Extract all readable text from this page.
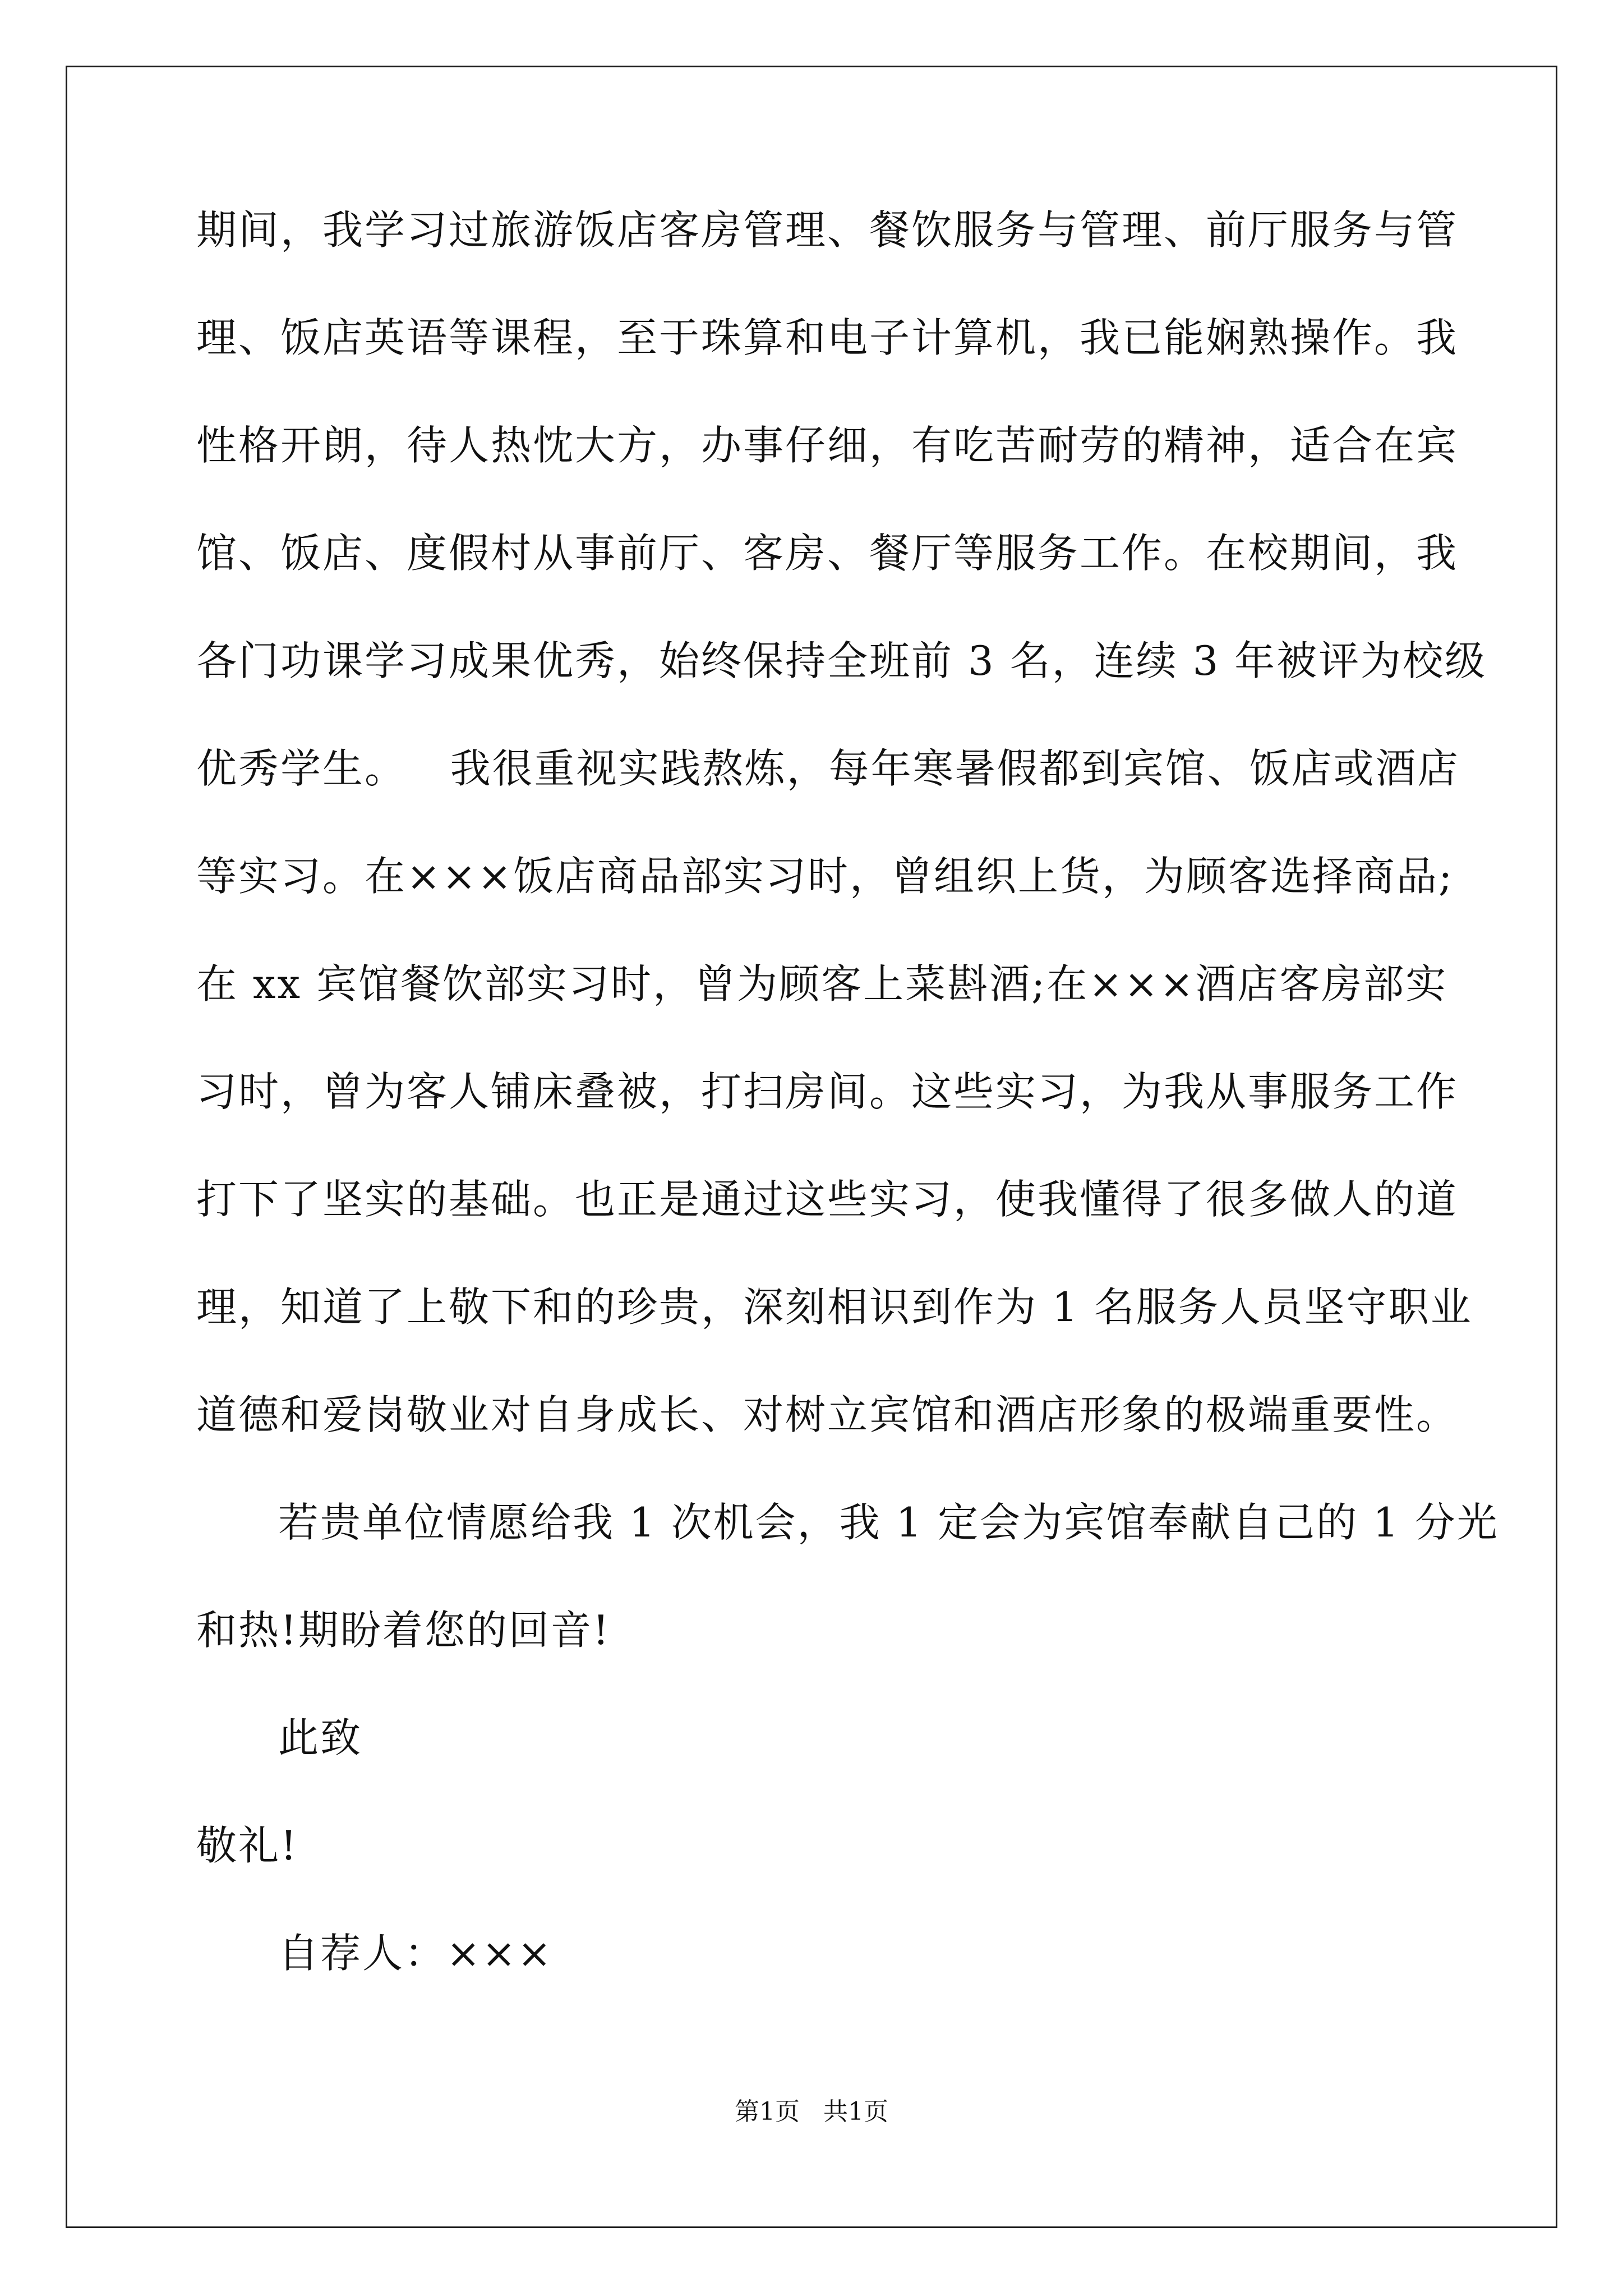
期间，我学习过旅游饭店客房管理、餐饮服务与管理、前厅服务与管
理、饭店英语等课程，至于珠算和电子计算机，我已能娴熟操作。我
性格开朗，待人热忱大方，办事仔细，有吃苦耐劳的精神，适合在宾
馆、饭店、度假村从事前厅、客房、餐厅等服务工作。在校期间，我
各门功课学习成果优秀，始终保持全班前 3 名，连续 3 年被评为校级
优秀学生。   我很重视实践熬炼，每年寒暑假都到宾馆、饭店或酒店
等实习。在×××饭店商品部实习时，曾组织上货，为顾客选择商品;
在 xx 宾馆餐饮部实习时，曾为顾客上菜斟酒;在×××酒店客房部实
习时，曾为客人铺床叠被，打扫房间。这些实习，为我从事服务工作
打下了坚实的基础。也正是通过这些实习，使我懂得了很多做人的道
理，知道了上敬下和的珍贵，深刻相识到作为 1 名服务人员坚守职业
道德和爱岗敬业对自身成长、对树立宾馆和酒店形象的极端重要性。
若贵单位情愿给我 1 次机会，我 1 定会为宾馆奉献自己的 1 分光
和热!期盼着您的回音!
此致
敬礼!
自荐人：×××
第1页   共1页
